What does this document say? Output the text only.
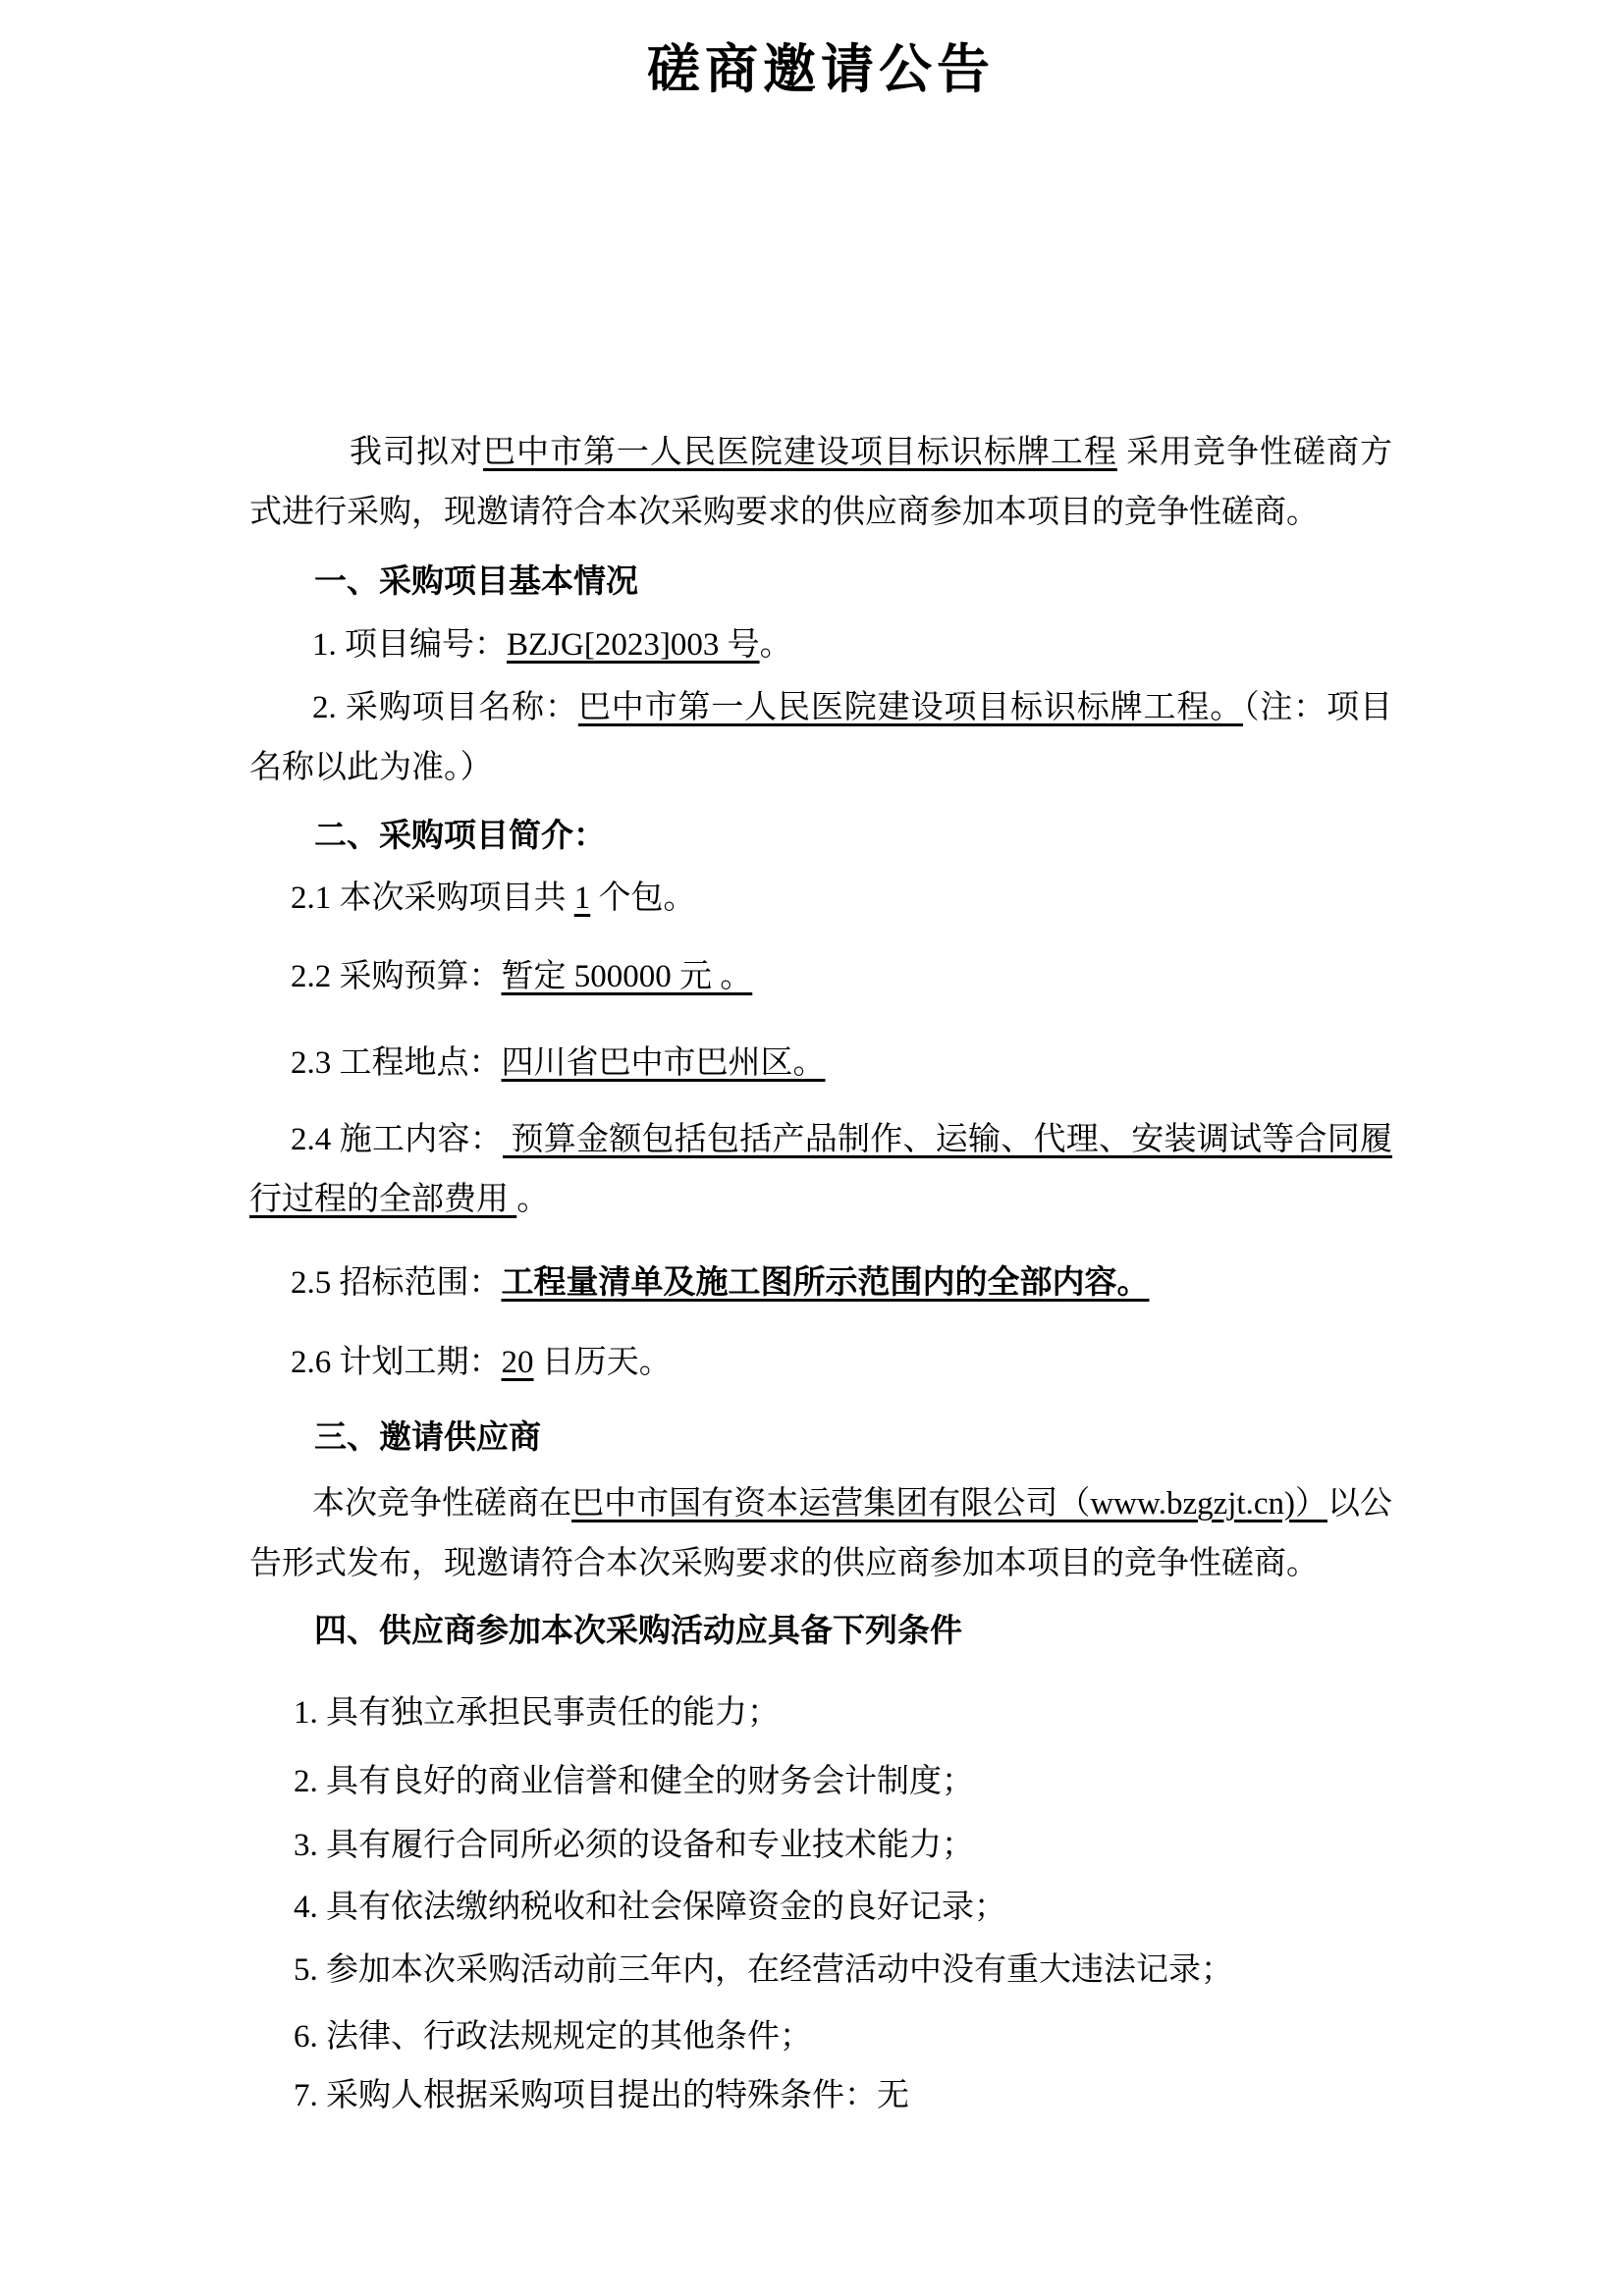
磋商邀请公告

我司拟对巴中市第一人民医院建设项目标识标牌工程 采用竞争性磋商方式进行采购，现邀请符合本次采购要求的供应商参加本项目的竞争性磋商。

一、采购项目基本情况

1. 项目编号：BZJG[2023]003 号。

2. 采购项目名称：巴中市第一人民医院建设项目标识标牌工程。（注：项目名称以此为准。）

二、采购项目简介：

2.1 本次采购项目共 1 个包。

2.2 采购预算：暂定 500000 元 。

2.3 工程地点：四川省巴中市巴州区。

2.4 施工内容： 预算金额包括包括产品制作、运输、代理、安装调试等合同履行过程的全部费用 。

2.5 招标范围：工程量清单及施工图所示范围内的全部内容。

2.6 计划工期：20 日历天。

三、邀请供应商

本次竞争性磋商在巴中市国有资本运营集团有限公司（www.bzgzjt.cn)）以公告形式发布，现邀请符合本次采购要求的供应商参加本项目的竞争性磋商。

四、供应商参加本次采购活动应具备下列条件

1. 具有独立承担民事责任的能力；

2. 具有良好的商业信誉和健全的财务会计制度；

3. 具有履行合同所必须的设备和专业技术能力；

4. 具有依法缴纳税收和社会保障资金的良好记录；

5. 参加本次采购活动前三年内，在经营活动中没有重大违法记录；

6. 法律、行政法规规定的其他条件；

7. 采购人根据采购项目提出的特殊条件：无
